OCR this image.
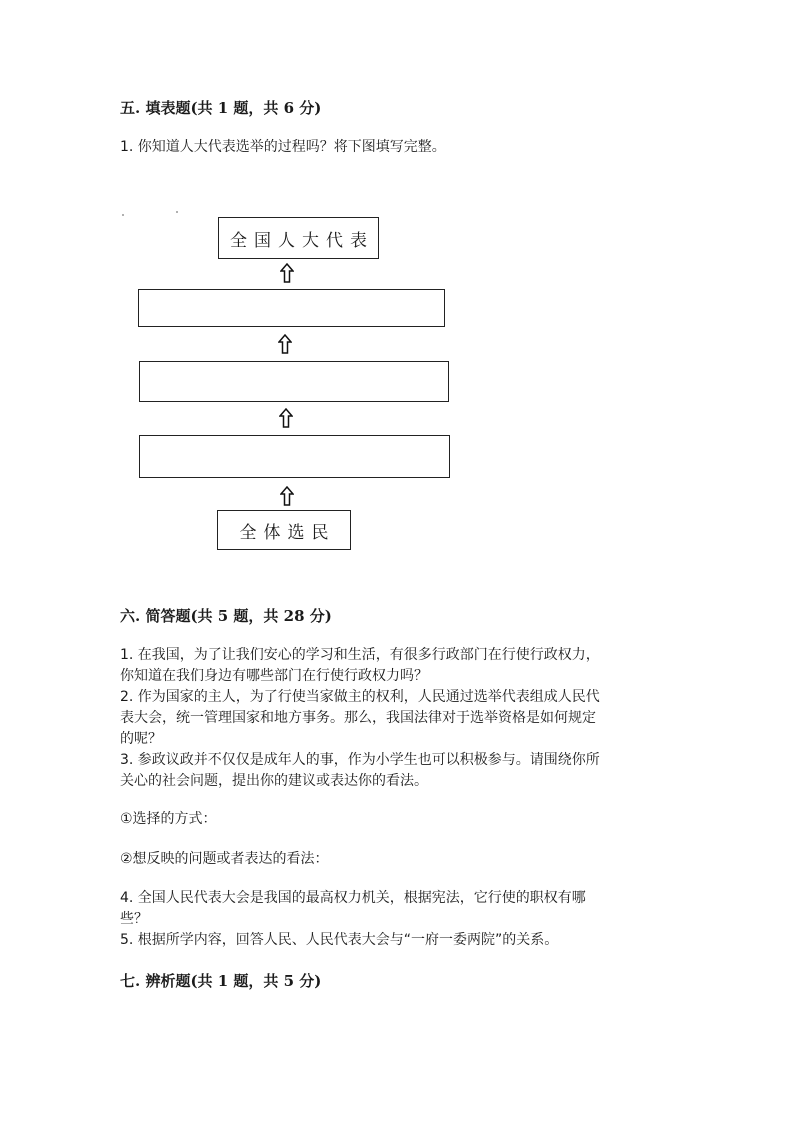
五. 填表题(共 1 题，共 6 分)
1. 你知道人大代表选举的过程吗？将下图填写完整。
全国人大代表
全体选民
六. 简答题(共 5 题，共 28 分)
1. 在我国，为了让我们安心的学习和生活，有很多行政部门在行使行政权力，
你知道在我们身边有哪些部门在行使行政权力吗？
2. 作为国家的主人，为了行使当家做主的权利，人民通过选举代表组成人民代
表大会，统一管理国家和地方事务。那么，我国法律对于选举资格是如何规定
的呢？
3. 参政议政并不仅仅是成年人的事，作为小学生也可以积极参与。请围绕你所
关心的社会问题，提出你的建议或表达你的看法。
①选择的方式：
②想反映的问题或者表达的看法：
4. 全国人民代表大会是我国的最高权力机关，根据宪法，它行使的职权有哪
些？
5. 根据所学内容，回答人民、人民代表大会与“一府一委两院”的关系。
七. 辨析题(共 1 题，共 5 分)
